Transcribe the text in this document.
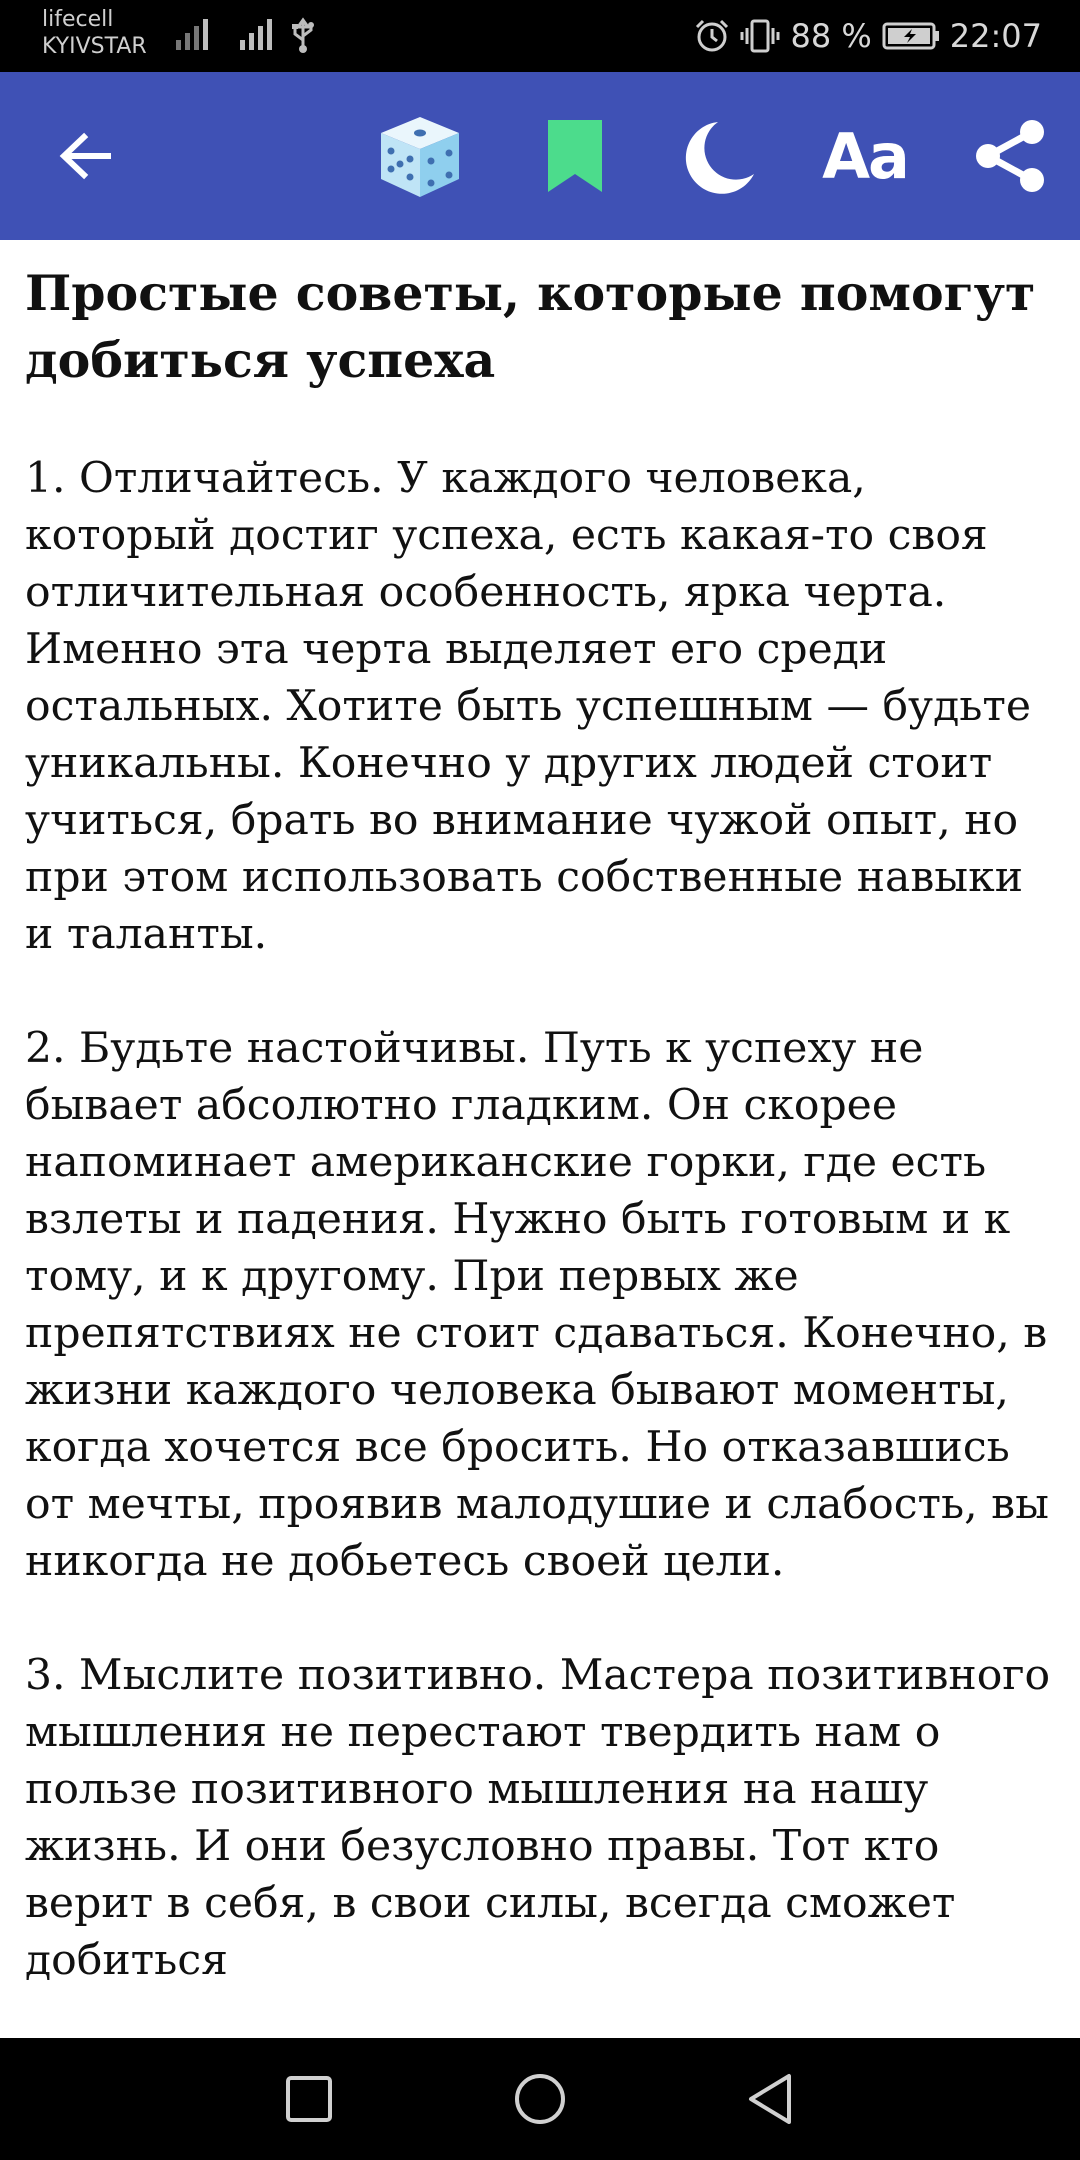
lifecell
KYIVSTAR	88 % 22:07
Aa
Простые советы, которые помогут добиться успеха

1. Отличайтесь. У каждого человека, который достиг успеха, есть какая-то своя отличительная особенность, ярка черта. Именно эта черта выделяет его среди остальных. Хотите быть успешным — будьте уникальны. Конечно у других людей стоит учиться, брать во внимание чужой опыт, но при этом использовать собственные навыки и таланты.

2. Будьте настойчивы. Путь к успеху не бывает абсолютно гладким. Он скорее напоминает американские горки, где есть взлеты и падения. Нужно быть готовым и к тому, и к другому. При первых же препятствиях не стоит сдаваться. Конечно, в жизни каждого человека бывают моменты, когда хочется все бросить. Но отказавшись от мечты, проявив малодушие и слабость, вы никогда не добьетесь своей цели.

3. Мыслите позитивно. Мастера позитивного мышления не перестают твердить нам о пользе позитивного мышления на нашу жизнь. И они безусловно правы. Тот кто верит в себя, в свои силы, всегда сможет добиться
